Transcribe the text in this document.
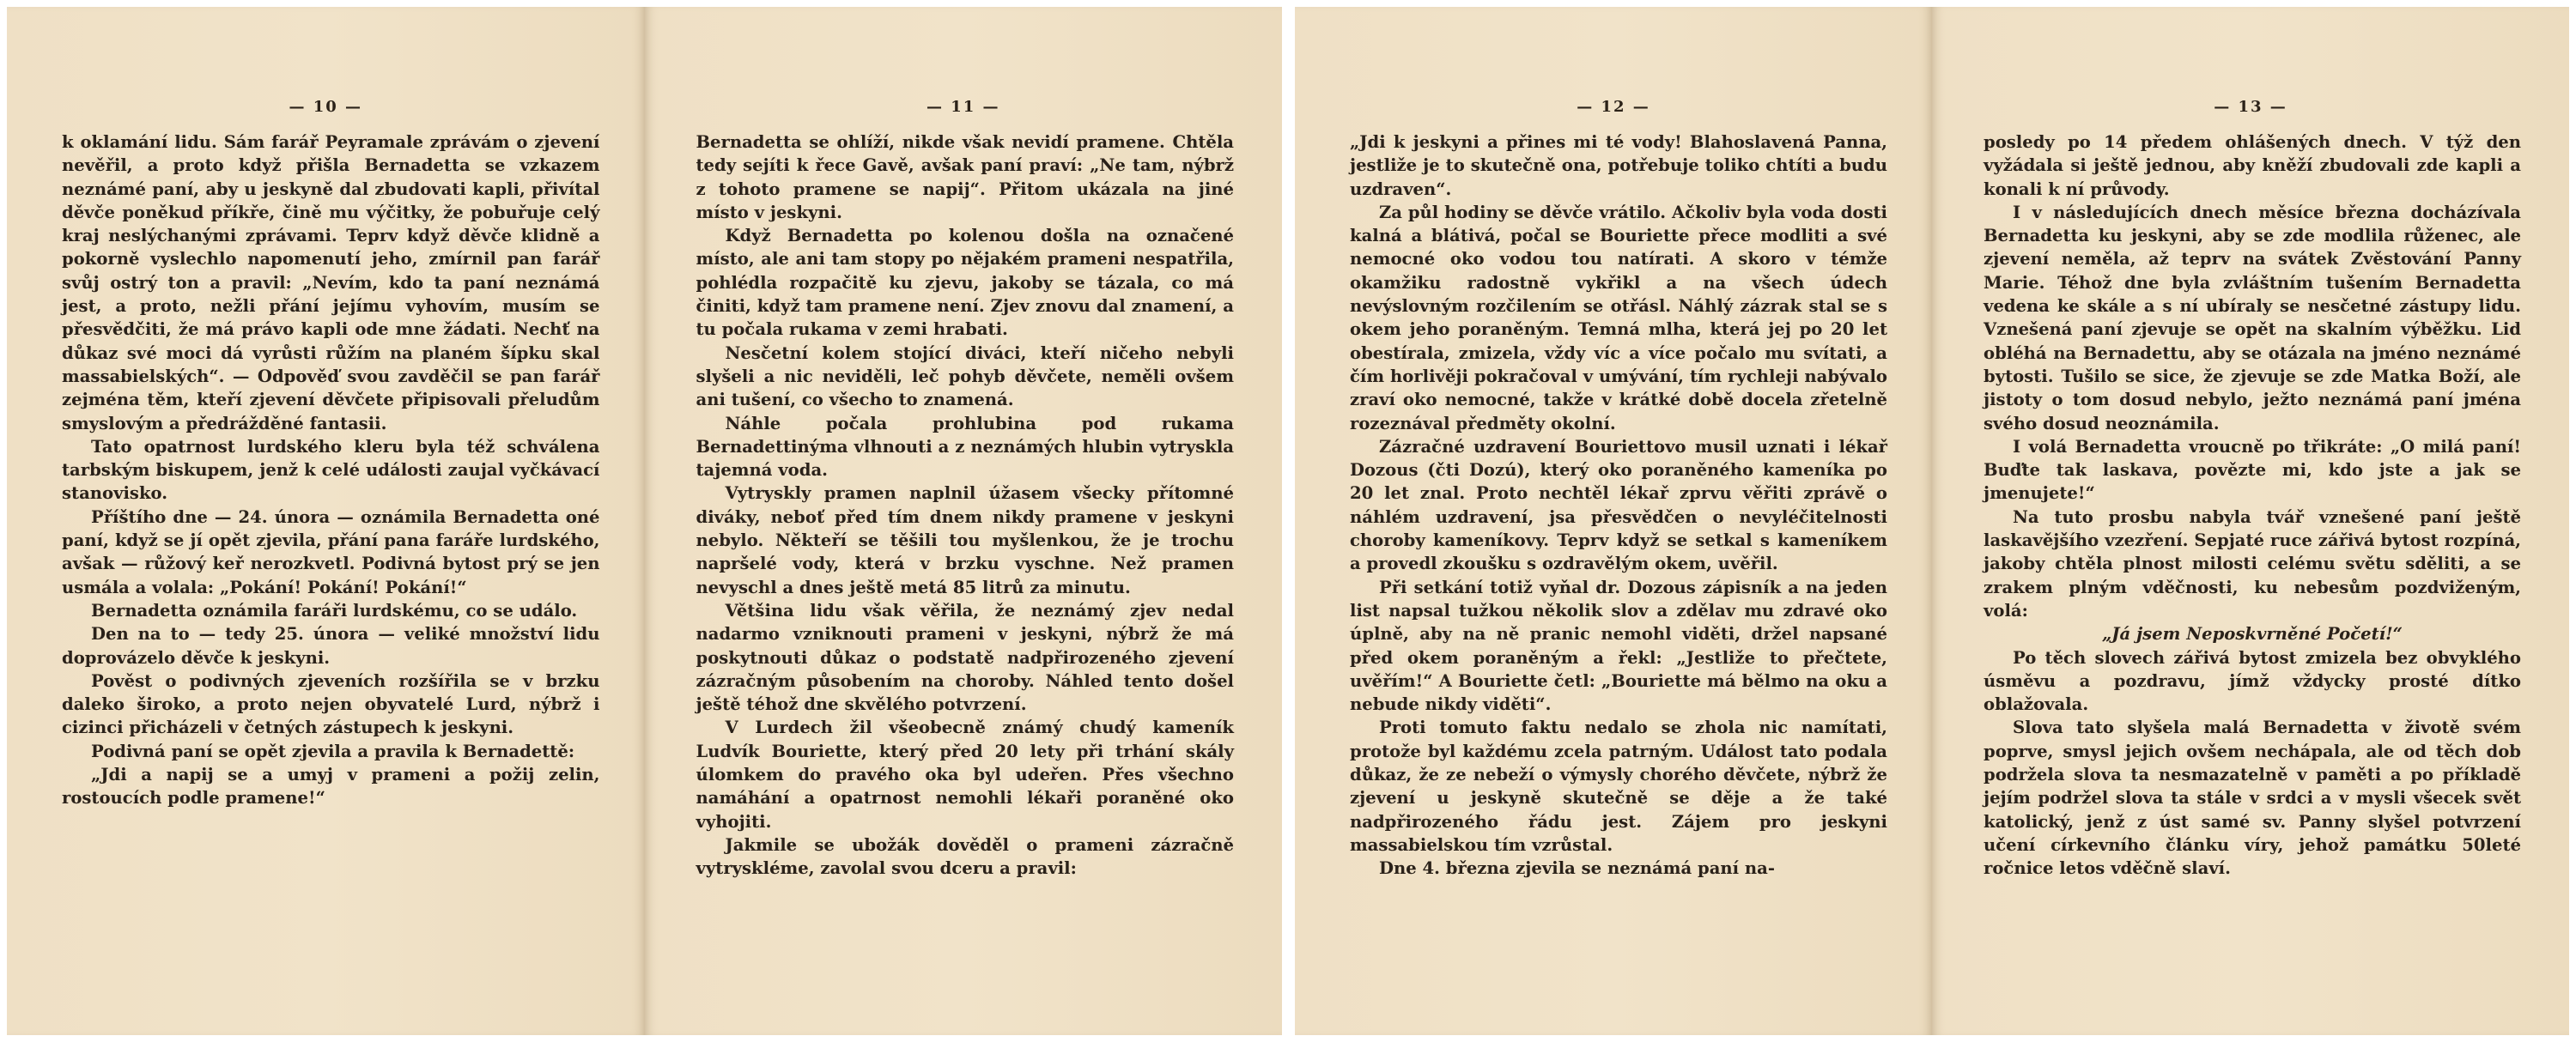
— 10 —

k oklamání lidu. Sám farář Peyramale zprávám o zjevení nevěřil, a proto když přišla Bernadetta se vzkazem neznámé paní, aby u jeskyně dal zbudovati kapli, přivítal děvče poněkud příkře, čině mu výčitky, že pobuřuje celý kraj neslýchanými zprávami. Teprv když děvče klidně a pokorně vyslechlo napomenutí jeho, zmírnil pan farář svůj ostrý ton a pravil: „Nevím, kdo ta paní neznámá jest, a proto, nežli přání jejímu vyhovím, musím se přesvědčiti, že má právo kapli ode mne žádati. Nechť na důkaz své moci dá vyrůsti růžím na planém šípku skal massabielských“. — Odpověď svou zavděčil se pan farář zejména těm, kteří zjevení děvčete připisovali přeludům smyslovým a předrážděné fantasii.

Tato opatrnost lurdského kleru byla též schválena tarbským biskupem, jenž k celé události zaujal vyčkávací stanovisko.

Příštího dne — 24. února — oznámila Bernadetta oné paní, když se jí opět zjevila, přání pana faráře lurdského, avšak — růžový keř nerozkvetl. Podivná bytost prý se jen usmála a volala: „Pokání! Pokání! Pokání!“

Bernadetta oznámila faráři lurdskému, co se událo.

Den na to — tedy 25. února — veliké množství lidu doprovázelo děvče k jeskyni.

Pověst o podivných zjeveních rozšířila se v brzku daleko široko, a proto nejen obyvatelé Lurd, nýbrž i cizinci přicházeli v četných zástupech k jeskyni.

Podivná paní se opět zjevila a pravila k Bernadettě:

„Jdi a napij se a umyj v prameni a požij zelin, rostoucích podle pramene!“

— 11 —

Bernadetta se ohlíží, nikde však nevidí pramene. Chtěla tedy sejíti k řece Gavě, avšak paní praví: „Ne tam, nýbrž z tohoto pramene se napij“. Přitom ukázala na jiné místo v jeskyni.

Když Bernadetta po kolenou došla na označené místo, ale ani tam stopy po nějakém prameni nespatřila, pohlédla rozpačitě ku zjevu, jakoby se tázala, co má činiti, když tam pramene není. Zjev znovu dal znamení, a tu počala rukama v zemi hrabati.

Nesčetní kolem stojící diváci, kteří ničeho nebyli slyšeli a nic neviděli, leč pohyb děvčete, neměli ovšem ani tušení, co všecho to znamená.

Náhle počala prohlubina pod rukama Bernadettinýma vlhnouti a z neznámých hlubin vytryskla tajemná voda.

Vytryskly pramen naplnil úžasem všecky přítomné diváky, neboť před tím dnem nikdy pramene v jeskyni nebylo. Někteří se těšili tou myšlenkou, že je trochu napršelé vody, která v brzku vyschne. Než pramen nevyschl a dnes ještě metá 85 litrů za minutu.

Většina lidu však věřila, že neznámý zjev nedal nadarmo vzniknouti prameni v jeskyni, nýbrž že má poskytnouti důkaz o podstatě nadpřirozeného zjevení zázračným působením na choroby. Náhled tento došel ještě téhož dne skvělého potvrzení.

V Lurdech žil všeobecně známý chudý kameník Ludvík Bouriette, který před 20 lety při trhání skály úlomkem do pravého oka byl udeřen. Přes všechno namáhání a opatrnost nemohli lékaři poraněné oko vyhojiti.

Jakmile se ubožák dověděl o prameni zázračně vytryskléme, zavolal svou dceru a pravil:

— 12 —

„Jdi k jeskyni a přines mi té vody! Blahoslavená Panna, jestliže je to skutečně ona, potřebuje toliko chtíti a budu uzdraven“.

Za půl hodiny se děvče vrátilo. Ačkoliv byla voda dosti kalná a blátivá, počal se Bouriette přece modliti a své nemocné oko vodou tou natírati. A skoro v témže okamžiku radostně vykřikl a na všech údech nevýslovným rozčilením se otřásl. Náhlý zázrak stal se s okem jeho poraněným. Temná mlha, která jej po 20 let obestírala, zmizela, vždy víc a více počalo mu svítati, a čím horlivěji pokračoval v umývání, tím rychleji nabývalo zraví oko nemocné, takže v krátké době docela zřetelně rozeznával předměty okolní.

Zázračné uzdravení Bouriettovo musil uznati i lékař Dozous (čti Dozú), který oko poraněného kameníka po 20 let znal. Proto nechtěl lékař zprvu věřiti zprávě o náhlém uzdravení, jsa přesvědčen o nevyléčitelnosti choroby kameníkovy. Teprv když se setkal s kameníkem a provedl zkoušku s ozdravělým okem, uvěřil.

Při setkání totiž vyňal dr. Dozous zápisník a na jeden list napsal tužkou několik slov a zdělav mu zdravé oko úplně, aby na ně pranic nemohl viděti, držel napsané před okem poraněným a řekl: „Jestliže to přečtete, uvěřím!“ A Bouriette četl: „Bouriette má bělmo na oku a nebude nikdy viděti“.

Proti tomuto faktu nedalo se zhola nic namítati, protože byl každému zcela patrným. Událost tato podala důkaz, že ze nebeží o výmysly chorého děvčete, nýbrž že zjevení u jeskyně skutečně se děje a že také nadpřirozeného řádu jest. Zájem pro jeskyni massabielskou tím vzrůstal.

Dne 4. března zjevila se neznámá paní na-

— 13 —

posledy po 14 předem ohlášených dnech. V týž den vyžádala si ještě jednou, aby kněží zbudovali zde kapli a konali k ní průvody.

I v následujících dnech měsíce března docházívala Bernadetta ku jeskyni, aby se zde modlila růženec, ale zjevení neměla, až teprv na svátek Zvěstování Panny Marie. Téhož dne byla zvláštním tušením Bernadetta vedena ke skále a s ní ubíraly se nesčetné zástupy lidu. Vznešená paní zjevuje se opět na skalním výběžku. Lid obléhá na Bernadettu, aby se otázala na jméno neznámé bytosti. Tušilo se sice, že zjevuje se zde Matka Boží, ale jistoty o tom dosud nebylo, ježto neznámá paní jména svého dosud neoznámila.

I volá Bernadetta vroucně po třikráte: „O milá paní! Buďte tak laskava, povězte mi, kdo jste a jak se jmenujete!“

Na tuto prosbu nabyla tvář vznešené paní ještě laskavějšího vzezření. Sepjaté ruce zářivá bytost rozpíná, jakoby chtěla plnost milosti celému světu sděliti, a se zrakem plným vděčnosti, ku nebesům pozdviženým, volá:

„Já jsem Neposkvrněné Početí!“

Po těch slovech zářivá bytost zmizela bez obvyklého úsměvu a pozdravu, jímž vždycky prosté dítko oblažovala.

Slova tato slyšela malá Bernadetta v životě svém poprve, smysl jejich ovšem nechápala, ale od těch dob podržela slova ta nesmazatelně v paměti a po příkladě jejím podržel slova ta stále v srdci a v mysli všecek svět katolický, jenž z úst samé sv. Panny slyšel potvrzení učení církevního článku víry, jehož památku 50leté ročnice letos vděčně slaví.
